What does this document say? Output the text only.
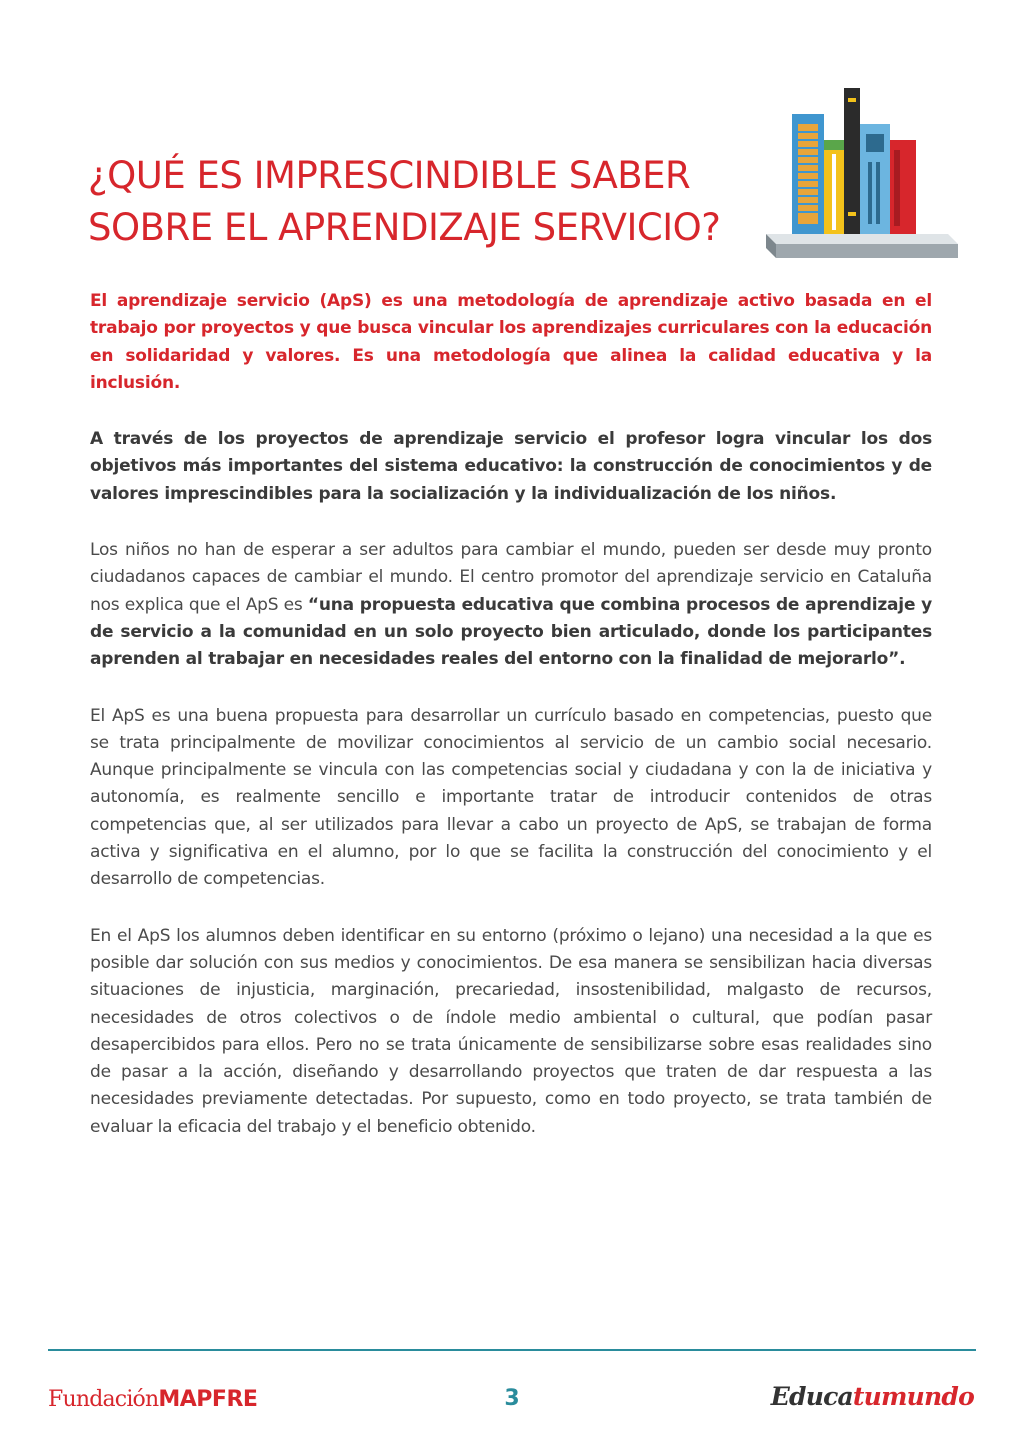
¿QUÉ ES IMPRESCINDIBLE SABER
SOBRE EL APRENDIZAJE SERVICIO?

El aprendizaje servicio (ApS) es una metodología de aprendizaje activo basada en el trabajo por proyectos y que busca vincular los aprendizajes curriculares con la educación en solidaridad y valores. Es una metodología que alinea la calidad educativa y la inclusión.

A través de los proyectos de aprendizaje servicio el profesor logra vincular los dos objetivos más importantes del sistema educativo: la construcción de conocimientos y de valores imprescindibles para la socialización y la individualización de los niños.

Los niños no han de esperar a ser adultos para cambiar el mundo, pueden ser desde muy pronto ciudadanos capaces de cambiar el mundo. El centro promotor del aprendizaje servicio en Cataluña nos explica que el ApS es “una propuesta educativa que combina procesos de aprendizaje y de servicio a la comunidad en un solo proyecto bien articulado, donde los participantes aprenden al trabajar en necesidades reales del entorno con la finalidad de mejorarlo”.

El ApS es una buena propuesta para desarrollar un currículo basado en competencias, puesto que se trata principalmente de movilizar conocimientos al servicio de un cambio social necesario. Aunque principalmente se vincula con las competencias social y ciudadana y con la de iniciativa y autonomía, es realmente sencillo e importante tratar de introducir contenidos de otras competencias que, al ser utilizados para llevar a cabo un proyecto de ApS, se trabajan de forma activa y significativa en el alumno, por lo que se facilita la construcción del conocimiento y el desarrollo de competencias.

En el ApS los alumnos deben identificar en su entorno (próximo o lejano) una necesidad a la que es posible dar solución con sus medios y conocimientos. De esa manera se sensibilizan hacia diversas situaciones de injusticia, marginación, precariedad, insostenibilidad, malgasto de recursos, necesidades de otros colectivos o de índole medio ambiental o cultural, que podían pasar desapercibidos para ellos. Pero no se trata únicamente de sensibilizarse sobre esas realidades sino de pasar a la acción, diseñando y desarrollando proyectos que traten de dar respuesta a las necesidades previamente detectadas. Por supuesto, como en todo proyecto, se trata también de evaluar la eficacia del trabajo y el beneficio obtenido.

FundaciónMAPFRE	3	Educatumundo
